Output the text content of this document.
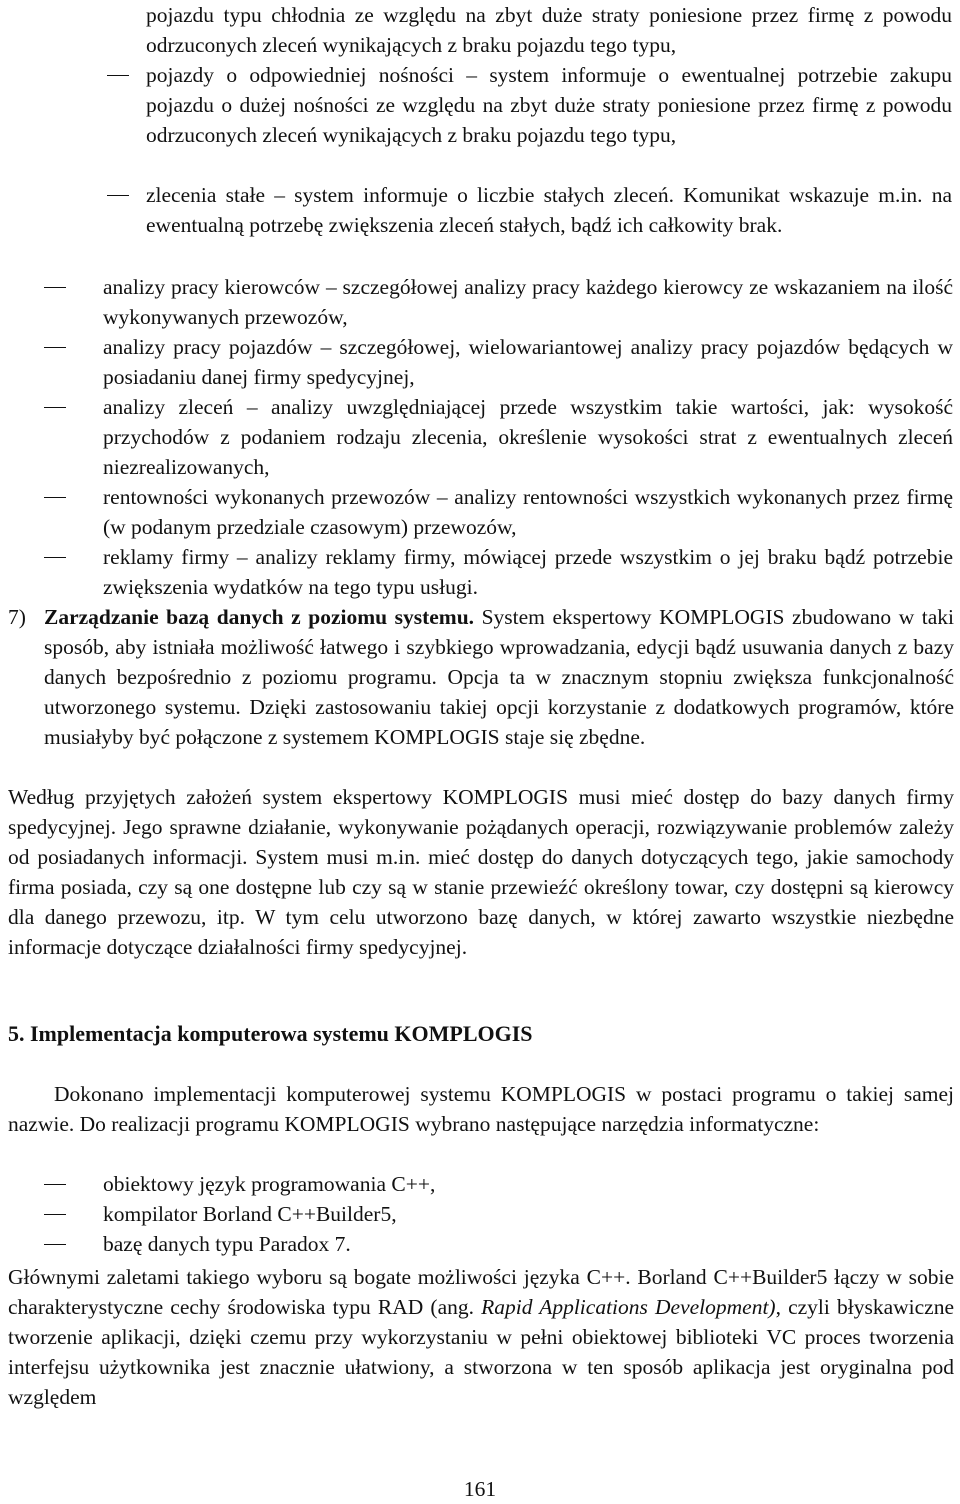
pojazdu typu chłodnia ze względu na zbyt duże straty poniesione przez firmę z powodu odrzuconych zleceń wynikających z braku pojazdu tego typu,

pojazdy o odpowiedniej nośności – system informuje o ewentualnej potrzebie zakupu pojazdu o dużej nośności ze względu na zbyt duże straty poniesione przez firmę z powodu odrzuconych zleceń wynikających z braku pojazdu tego typu,

zlecenia stałe – system informuje o liczbie stałych zleceń. Komunikat wskazuje m.in. na ewentualną potrzebę zwiększenia zleceń stałych, bądź ich całkowity brak.

analizy pracy kierowców – szczegółowej analizy pracy każdego kierowcy ze wskazaniem na ilość wykonywanych przewozów,

analizy pracy pojazdów – szczegółowej, wielowariantowej analizy pracy pojazdów będących w posiadaniu danej firmy spedycyjnej,

analizy zleceń – analizy uwzględniającej przede wszystkim takie wartości, jak: wysokość przychodów z podaniem rodzaju zlecenia, określenie wysokości strat z ewentualnych zleceń niezrealizowanych,

rentowności wykonanych przewozów – analizy rentowności wszystkich wykonanych przez firmę (w podanym przedziale czasowym) przewozów,

reklamy firmy – analizy reklamy firmy, mówiącej przede wszystkim o jej braku bądź potrzebie zwiększenia wydatków na tego typu usługi.

7) Zarządzanie bazą danych z poziomu systemu. System ekspertowy KOMPLOGIS zbudowano w taki sposób, aby istniała możliwość łatwego i szybkiego wprowadzania, edycji bądź usuwania danych z bazy danych bezpośrednio z poziomu programu. Opcja ta w znacznym stopniu zwiększa funkcjonalność utworzonego systemu. Dzięki zastosowaniu takiej opcji korzystanie z dodatkowych programów, które musiałyby być połączone z systemem KOMPLOGIS staje się zbędne.

Według przyjętych założeń system ekspertowy KOMPLOGIS musi mieć dostęp do bazy danych firmy spedycyjnej. Jego sprawne działanie, wykonywanie pożądanych operacji, rozwiązywanie problemów zależy od posiadanych informacji. System musi m.in. mieć dostęp do danych dotyczących tego, jakie samochody firma posiada, czy są one dostępne lub czy są w stanie przewieźć określony towar, czy dostępni są kierowcy dla danego przewozu, itp. W tym celu utworzono bazę danych, w której zawarto wszystkie niezbędne informacje dotyczące działalności firmy spedycyjnej.

5. Implementacja komputerowa systemu KOMPLOGIS

Dokonano implementacji komputerowej systemu KOMPLOGIS w postaci programu o takiej samej nazwie. Do realizacji programu KOMPLOGIS wybrano następujące narzędzia informatyczne:

obiektowy język programowania C++,

kompilator Borland C++Builder5,

bazę danych typu Paradox 7.

Głównymi zaletami takiego wyboru są bogate możliwości języka C++. Borland C++Builder5 łączy w sobie charakterystyczne cechy środowiska typu RAD (ang. Rapid Applications Development), czyli błyskawiczne tworzenie aplikacji, dzięki czemu przy wykorzystaniu w pełni obiektowej biblioteki VC proces tworzenia interfejsu użytkownika jest znacznie ułatwiony, a stworzona w ten sposób aplikacja jest oryginalna pod względem

161
